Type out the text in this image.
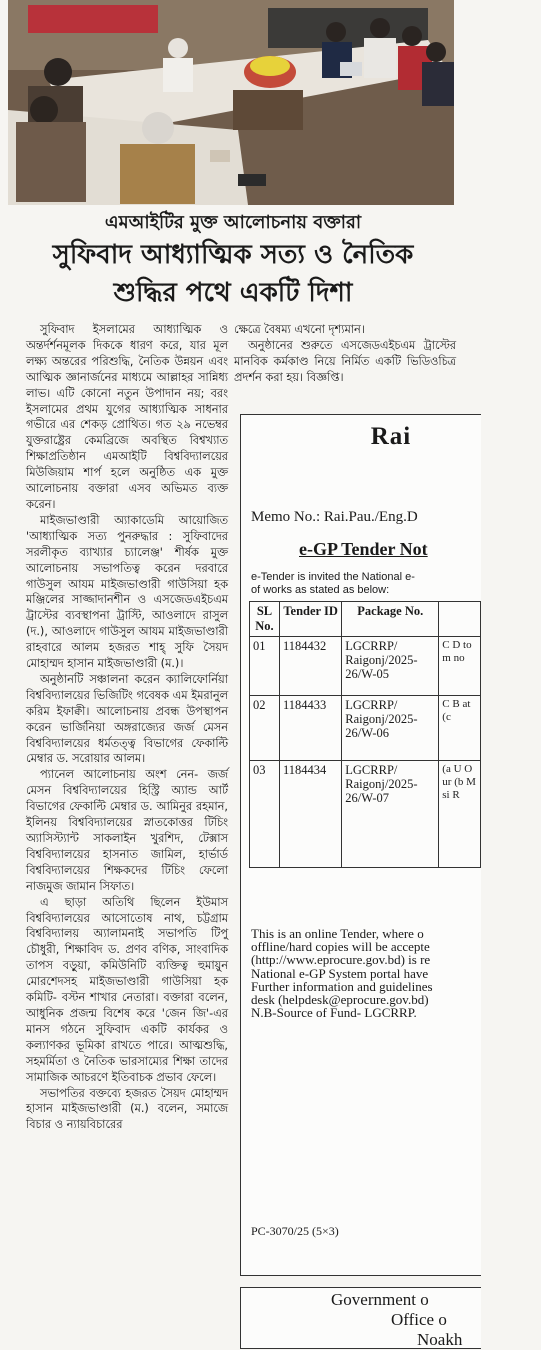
এমআইটির মুক্ত আলোচনায় বক্তারা
সুফিবাদ আধ্যাত্মিক সত্য ও নৈতিক
শুদ্ধির পথে একটি দিশা

সুফিবাদ ইসলামের আধ্যাত্মিক ও অন্তর্দর্শনমূলক দিককে ধারণ করে, যার মূল লক্ষ্য অন্তরের পরিশুদ্ধি, নৈতিক উন্নয়ন এবং আত্মিক জ্ঞানার্জনের মাধ্যমে আল্লাহর সান্নিধ্য লাভ। এটি কোনো নতুন উপাদান নয়; বরং ইসলামের প্রথম যুগের আধ্যাত্মিক সাধনার গভীরে এর শেকড় প্রোথিত। গত ২৯ নভেম্বর যুক্তরাষ্ট্রের কেমব্রিজে অবস্থিত বিশ্বখ্যাত শিক্ষাপ্রতিষ্ঠান এমআইটি বিশ্ববিদ্যালয়ের মিউজিয়াম শার্প হলে অনুষ্ঠিত এক মুক্ত আলোচনায় বক্তারা এসব অভিমত ব্যক্ত করেন।

মাইজভাণ্ডারী অ্যাকাডেমি আয়োজিত 'আধ্যাত্মিক সত্য পুনরুদ্ধার : সুফিবাদের সরলীকৃত ব্যাখ্যার চ্যালেঞ্জ' শীর্ষক মুক্ত আলোচনায় সভাপতিত্ব করেন দরবারে গাউসুল আযম মাইজভাণ্ডারী গাউসিয়া হক মঞ্জিলের সাজ্জাদানশীন ও এসজেডএইচএম ট্রাস্টের ব্যবস্থাপনা ট্রাস্টি, আওলাদে রাসুল (দ.), আওলাদে গাউসুল আযম মাইজভাণ্ডারী রাহবারে আলম হজরত শাহ্ সুফি সৈয়দ মোহাম্মদ হাসান মাইজভাণ্ডারী (ম.)।

অনুষ্ঠানটি সঞ্চালনা করেন ক্যালিফোর্নিয়া বিশ্ববিদ্যালয়ের ভিজিটিং গবেষক এম ইমরানুল করিম ইফাক্বী। আলোচনায় প্রবন্ধ উপস্থাপন করেন ভার্জিনিয়া অঙ্গরাজ্যের জর্জ মেসন বিশ্ববিদ্যালয়ের ধর্মতত্ত্ব বিভাগের ফেকাল্টি মেম্বার ড. সরোয়ার আলম।

প্যানেল আলোচনায় অংশ নেন- জর্জ মেসন বিশ্ববিদ্যালয়ের হিস্ট্রি অ্যান্ড আর্ট বিভাগের ফেকাল্টি মেম্বার ড. আমিনুর রহমান, ইলিনয় বিশ্ববিদ্যালয়ের স্নাতকোত্তর টিচিং অ্যাসিস্ট্যান্ট সাকলাইন খুরশিদ, টেক্সাস বিশ্ববিদ্যালয়ের হাসনাত জামিল, হার্ভার্ড বিশ্ববিদ্যালয়ের শিক্ষকদের টিচিং ফেলো নাজমুজ জামান সিফাত।

এ ছাড়া অতিথি ছিলেন ইউমাস বিশ্ববিদ্যালয়ের আসোতোষ নাথ, চট্টগ্রাম বিশ্ববিদ্যালয় অ্যালামনাই সভাপতি টিপু চৌধুরী, শিক্ষাবিদ ড. প্রণব বণিক, সাংবাদিক তাপস বড়ুয়া, কমিউনিটি ব্যক্তিত্ব হুমায়ুন মোরশেদসহ মাইজভাণ্ডারী গাউসিয়া হক কমিটি- বস্টন শাখার নেতারা। বক্তারা বলেন, আধুনিক প্রজন্ম বিশেষ করে 'জেন জি'-এর মানস গঠনে সুফিবাদ একটি কার্যকর ও কল্যাণকর ভূমিকা রাখতে পারে। আত্মশুদ্ধি, সহমর্মিতা ও নৈতিক ভারসাম্যের শিক্ষা তাদের সামাজিক আচরণে ইতিবাচক প্রভাব ফেলে।

সভাপতির বক্তব্যে হজরত সৈয়দ মোহাম্মদ হাসান মাইজভাণ্ডারী (ম.) বলেন, সমাজে বিচার ও ন্যায়বিচারের

ক্ষেত্রে বৈষম্য এখনো দৃশ্যমান।

অনুষ্ঠানের শুরুতে এসজেডএইচএম ট্রাস্টের মানবিক কর্মকাণ্ড নিয়ে নির্মিত একটি ভিডিওচিত্র প্রদর্শন করা হয়। বিজ্ঞপ্তি।

Rai
Memo No.: Rai.Pau./Eng.D
e-GP Tender Not
e-Tender is invited the National e-
of works as stated as below:
SL No.	Tender ID	Package No.	
01	1184432	LGCRRP/
Raigonj/2025-
26/W-05	C D to m no
02	1184433	LGCRRP/
Raigonj/2025-
26/W-06	C B at (c
03	1184434	LGCRRP/
Raigonj/2025-
26/W-07	(a U O ur (b M si R
This is an online Tender, where o
offline/hard copies will be accepte
(http://www.eprocure.gov.bd) is re
National e-GP System portal have
Further information and guidelines
desk (helpdesk@eprocure.gov.bd)
N.B-Source of Fund- LGCRRP.
PC-3070/25 (5×3)
Government o
Office o
Noakh
